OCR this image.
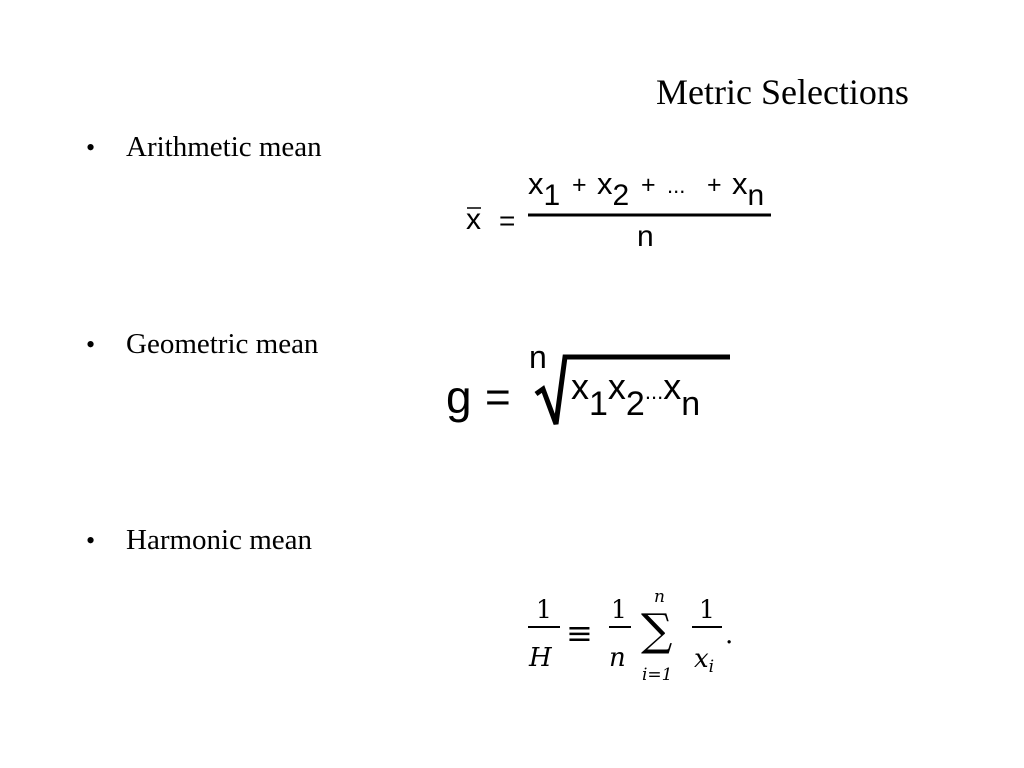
Metric Selections
• Arithmetic mean
x =
x1 + x2 + ... + xn
n
• Geometric mean
g =
n
x1x2...xn
• Harmonic mean
1
H
≡
1
n
n
∑
i=1
1
xi
.
